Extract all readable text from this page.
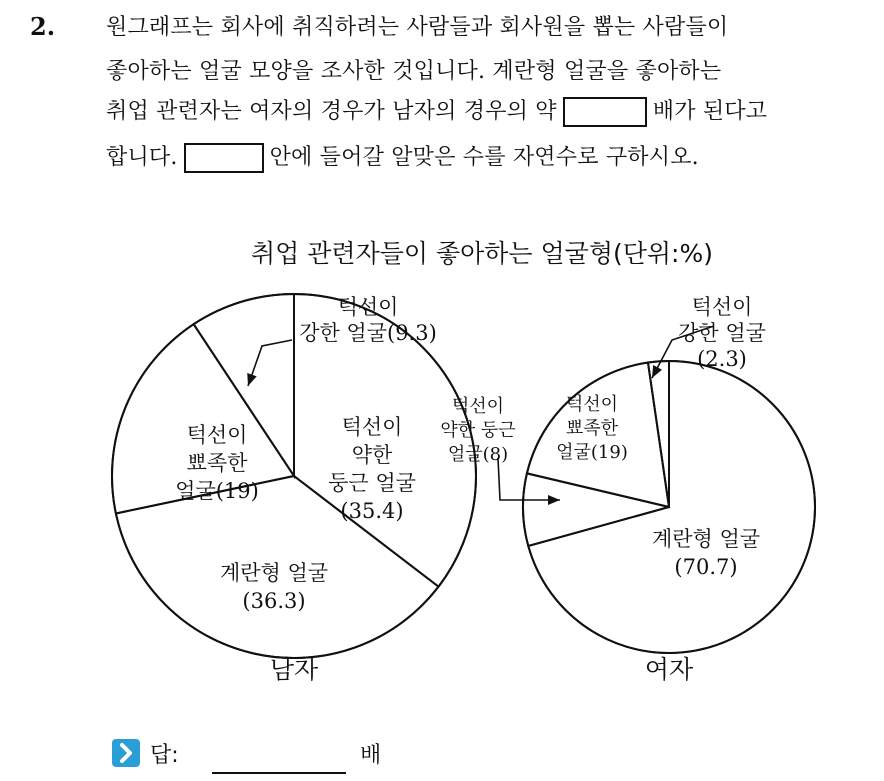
2. 원그래프는 회사에 취직하려는 사람들과 회사원을 뽑는 사람들이
좋아하는 얼굴 모양을 조사한 것입니다. 계란형 얼굴을 좋아하는
취업 관련자는 여자의 경우가 남자의 경우의 약	배가 된다고
합니다.	안에 들어갈 알맞은 수를 자연수로 구하시오.
취업 관련자들이 좋아하는 얼굴형(단위:%)
턱선이
약한
둥근 얼굴
(35.4)
계란형 얼굴
(36.3)
턱선이
뾰족한
얼굴(19)
턱선이
강한 얼굴(9.3)
남자
계란형 얼굴
(70.7)
턱선이
약한 둥근
얼굴(8)
턱선이
뾰족한
얼굴(19)
턱선이
강한 얼굴
(2.3)
여자
답:	배
